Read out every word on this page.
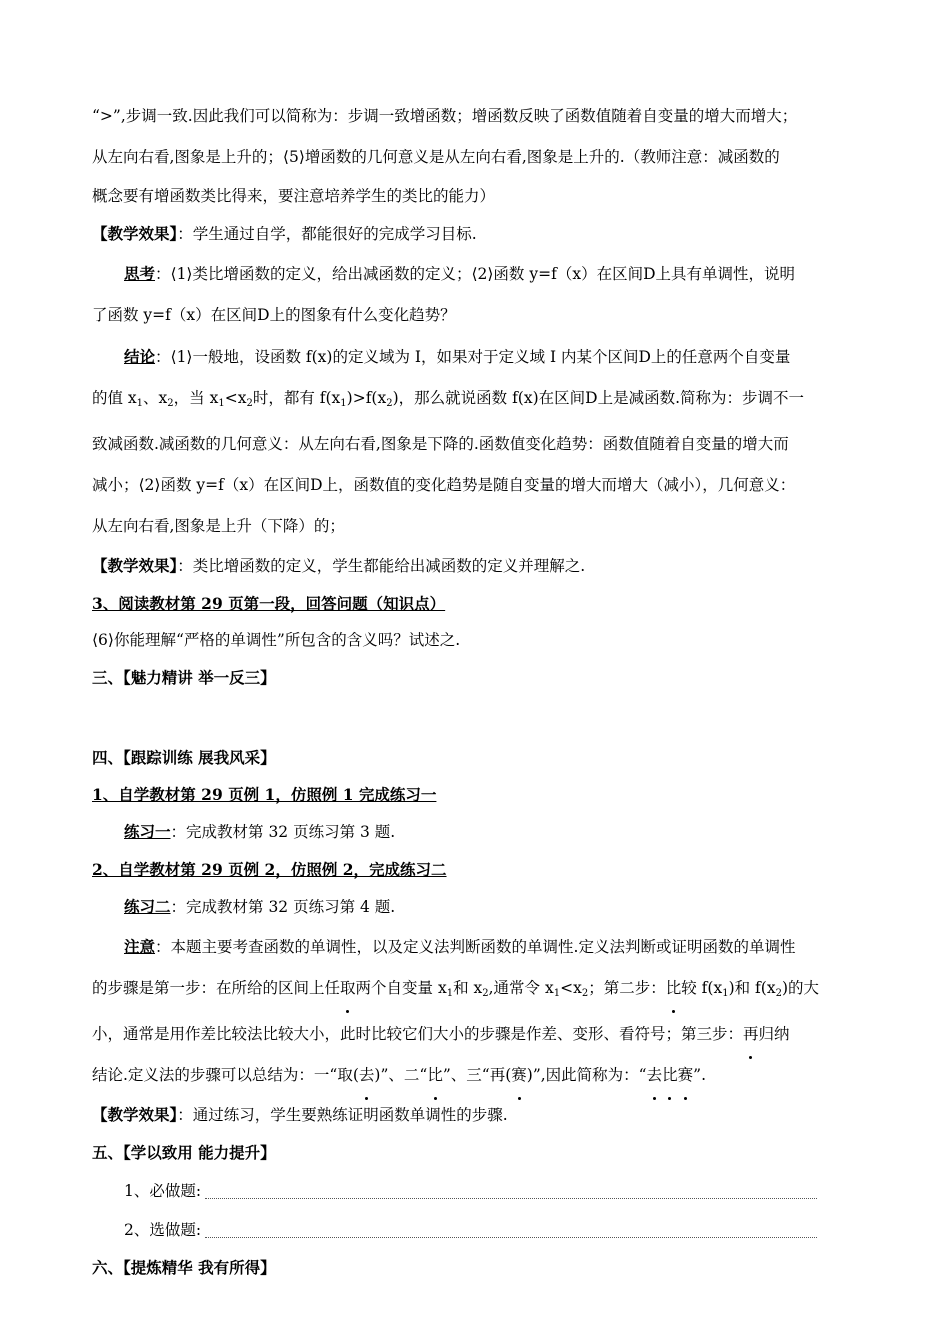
“>”,步调一致.因此我们可以简称为：步调一致增函数；增函数反映了函数值随着自变量的增大而增大；

从左向右看,图象是上升的；⟨5⟩增函数的几何意义是从左向右看,图象是上升的.（教师注意：减函数的

概念要有增函数类比得来，要注意培养学生的类比的能力）

【教学效果】：学生通过自学，都能很好的完成学习目标.

思考：⟨1⟩类比增函数的定义，给出减函数的定义；⟨2⟩函数 y=f（x）在区间D上具有单调性，说明

了函数 y=f（x）在区间D上的图象有什么变化趋势？

结论：⟨1⟩一般地，设函数 f(x)的定义域为 I，如果对于定义域 I 内某个区间D上的任意两个自变量

的值 $x_1$、$x_2$，当 $x_1<x_2$时，都有 $f(x_1)>f(x_2)$，那么就说函数 f(x)在区间D上是减函数.简称为：步调不一

致减函数.减函数的几何意义：从左向右看,图象是下降的.函数值变化趋势：函数值随着自变量的增大而

减小；⟨2⟩函数 y=f（x）在区间D上，函数值的变化趋势是随自变量的增大而增大（减小），几何意义：

从左向右看,图象是上升（下降）的；

【教学效果】：类比增函数的定义，学生都能给出减函数的定义并理解之.

3、阅读教材第 29 页第一段，回答问题（知识点）

⟨6⟩你能理解“严格的单调性”所包含的含义吗？试述之.

三、【魅力精讲 举一反三】

四、【跟踪训练 展我风采】

1、自学教材第 29 页例 1，仿照例 1 完成练习一

练习一：完成教材第 32 页练习第 3 题.

2、自学教材第 29 页例 2，仿照例 2，完成练习二

练习二：完成教材第 32 页练习第 4 题.

注意：本题主要考查函数的单调性，以及定义法判断函数的单调性.定义法判断或证明函数的单调性

的步骤是第一步：在所给的区间上任取两个自变量 $x_1$和 $x_2$,通常令 $x_1<x_2$；第二步：比较 $f(x_1)$和 $f(x_2)$的大

小，通常是用作差比较法比较大小，此时比较它们大小的步骤是作差、变形、看符号；第三步：再归纳

结论.定义法的步骤可以总结为：一“取(去)”、二“比”、三“再(赛)”,因此简称为：“去比赛”.

【教学效果】：通过练习，学生要熟练证明函数单调性的步骤.

五、【学以致用 能力提升】

1、必做题:

2、选做题:

六、【提炼精华 我有所得】
